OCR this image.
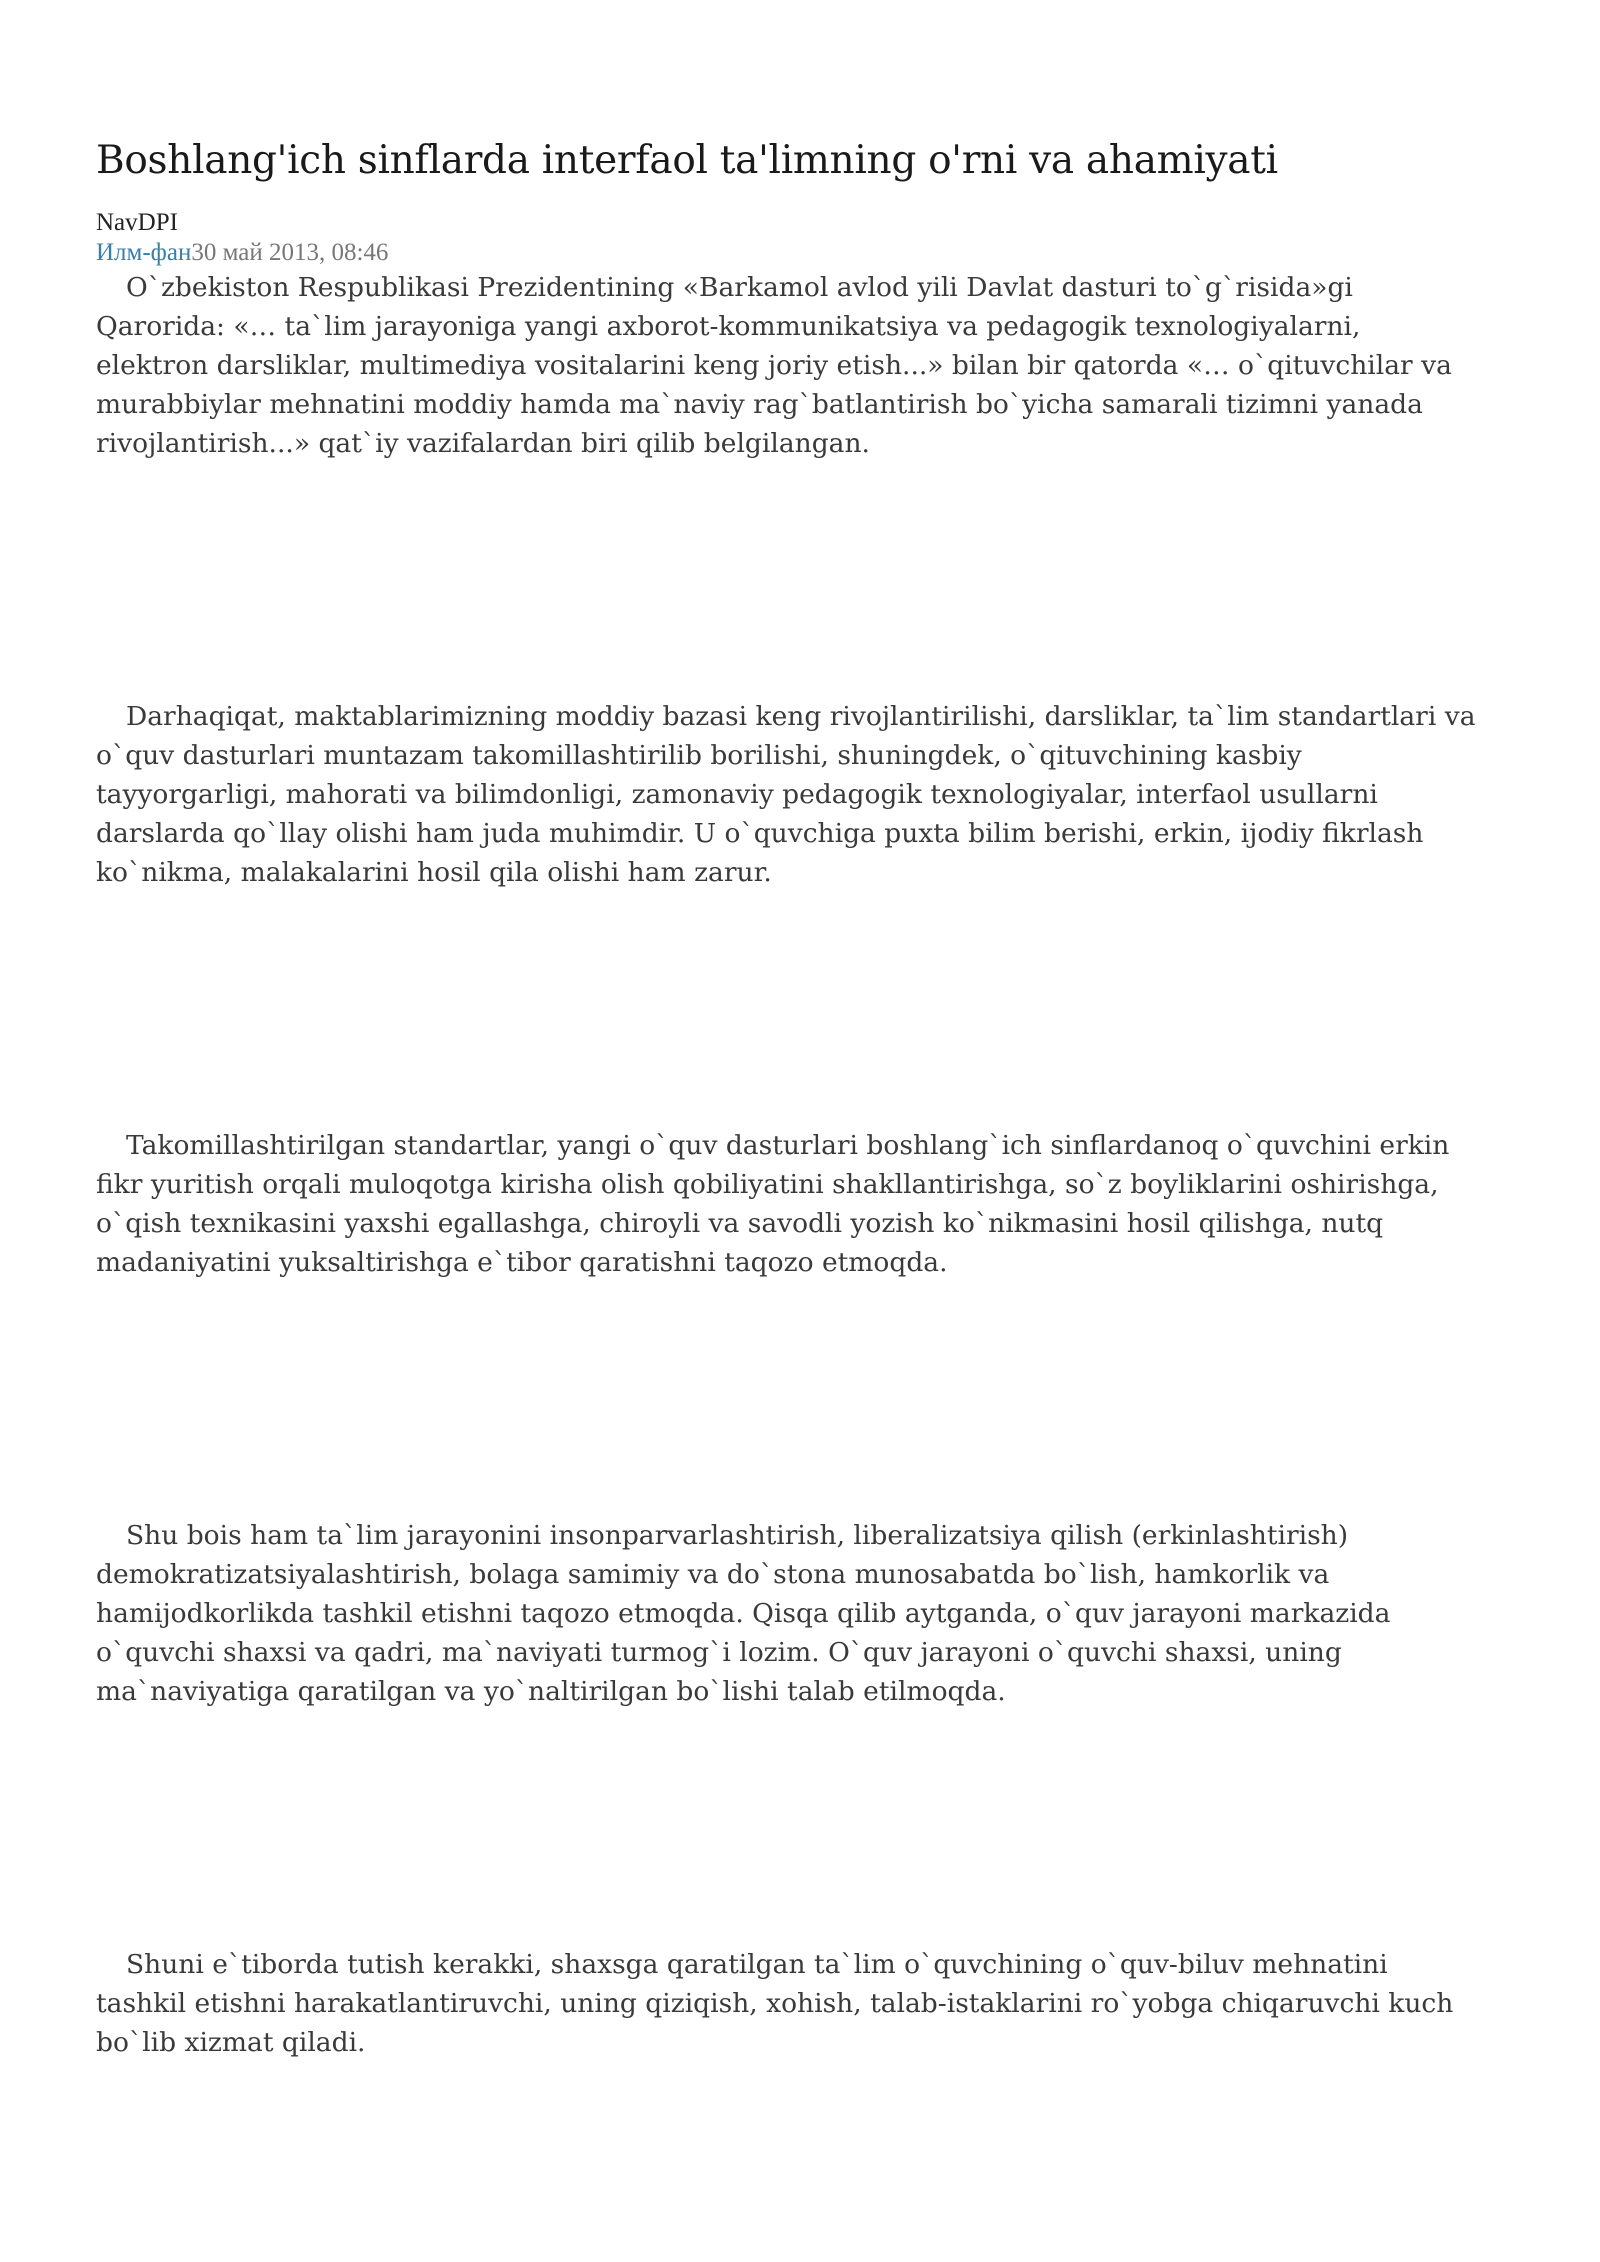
Boshlang'ich sinflarda interfaol ta'limning o'rni va ahamiyati
NavDPI
Илм-фан30 май 2013, 08:46

O`zbekiston Respublikasi Prezidentining «Barkamol avlod yili Davlat dasturi to`g`risida»gi Qarorida: «… ta`lim jarayoniga yangi axborot-kommunikatsiya va pedagogik texnologiyalarni, elektron darsliklar, multimediya vositalarini keng joriy etish...» bilan bir qatorda «… o`qituvchilar va murabbiylar mehnatini moddiy hamda ma`naviy rag`batlantirish bo`yicha samarali tizimni yanada rivojlantirish...» qat`iy vazifalardan biri qilib belgilangan.

Darhaqiqat, maktablarimizning moddiy bazasi keng rivojlantirilishi, darsliklar, ta`lim standartlari va o`quv dasturlari muntazam takomillashtirilib borilishi, shuningdek, o`qituvchining kasbiy tayyorgarligi, mahorati va bilimdonligi, zamonaviy pedagogik texnologiyalar, interfaol usullarni darslarda qo`llay olishi ham juda muhimdir. U o`quvchiga puxta bilim berishi, erkin, ijodiy fikrlash ko`nikma, malakalarini hosil qila olishi ham zarur.

Takomillashtirilgan standartlar, yangi o`quv dasturlari boshlang`ich sinflardanoq o`quvchini erkin fikr yuritish orqali muloqotga kirisha olish qobiliyatini shakllantirishga, so`z boyliklarini oshirishga, o`qish texnikasini yaxshi egallashga, chiroyli va savodli yozish ko`nikmasini hosil qilishga, nutq madaniyatini yuksaltirishga e`tibor qaratishni taqozo etmoqda.

Shu bois ham ta`lim jarayonini insonparvarlashtirish, liberalizatsiya qilish (erkinlashtirish) demokratizatsiyalashtirish, bolaga samimiy va do`stona munosabatda bo`lish, hamkorlik va hamijodkorlikda tashkil etishni taqozo etmoqda. Qisqa qilib aytganda, o`quv jarayoni markazida o`quvchi shaxsi va qadri, ma`naviyati turmog`i lozim. O`quv jarayoni o`quvchi shaxsi, uning ma`naviyatiga qaratilgan va yo`naltirilgan bo`lishi talab etilmoqda.

Shuni e`tiborda tutish kerakki, shaxsga qaratilgan ta`lim o`quvchining o`quv-biluv mehnatini tashkil etishni harakatlantiruvchi, uning qiziqish, xohish, talab-istaklarini ro`yobga chiqaruvchi kuch bo`lib xizmat qiladi.
